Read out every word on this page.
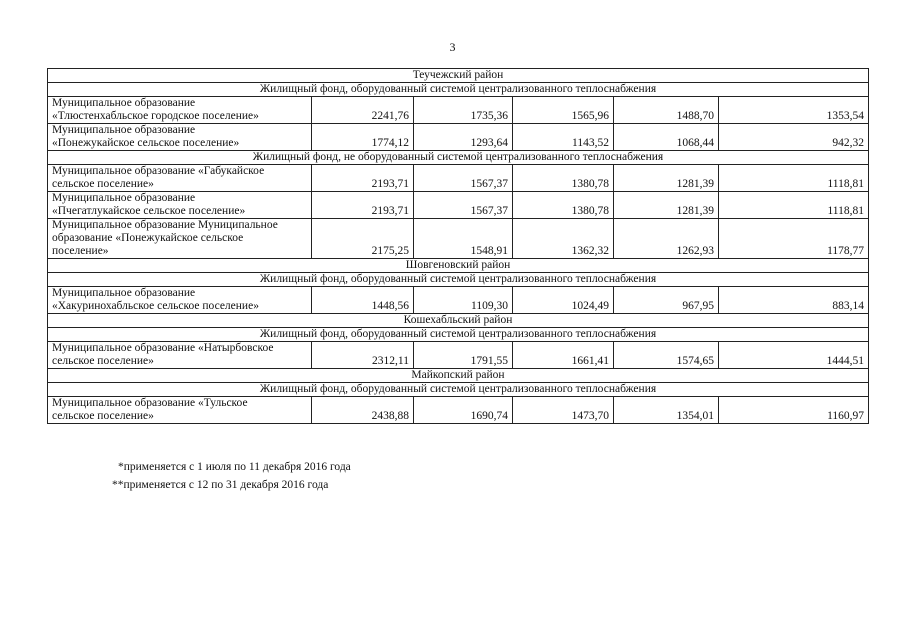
3
Теучежский район					
Жилищный фонд, оборудованный системой централизованного теплоснабжения					

Муниципальное образование
«Тлюстенхабльское городское поселение»	2241,76	1735,36	1565,96	1488,70	1353,54

Муниципальное образование
«Понежукайское сельское поселение»	1774,12	1293,64	1143,52	1068,44	942,32
Жилищный фонд, не оборудованный системой централизованного теплоснабжения					

Муниципальное образование «Габукайское
сельское поселение»	2193,71	1567,37	1380,78	1281,39	1118,81

Муниципальное образование
«Пчегатлукайское сельское поселение»	2193,71	1567,37	1380,78	1281,39	1118,81

Муниципальное образование Муниципальное
образование «Понежукайское сельское
поселение»	2175,25	1548,91	1362,32	1262,93	1178,77
Шовгеновский район					
Жилищный фонд, оборудованный системой централизованного теплоснабжения					

Муниципальное образование
«Хакуринохабльское сельское поселение»	1448,56	1109,30	1024,49	967,95	883,14
Кошехабльский район					
Жилищный фонд, оборудованный системой централизованного теплоснабжения					

Муниципальное образование «Натырбовское
сельское поселение»	2312,11	1791,55	1661,41	1574,65	1444,51
Майкопский район					
Жилищный фонд, оборудованный системой централизованного теплоснабжения					

Муниципальное образование «Тульское
сельское поселение»	2438,88	1690,74	1473,70	1354,01	1160,97
*применяется с 1 июля по 11 декабря 2016 года
**применяется с 12 по 31 декабря 2016 года
